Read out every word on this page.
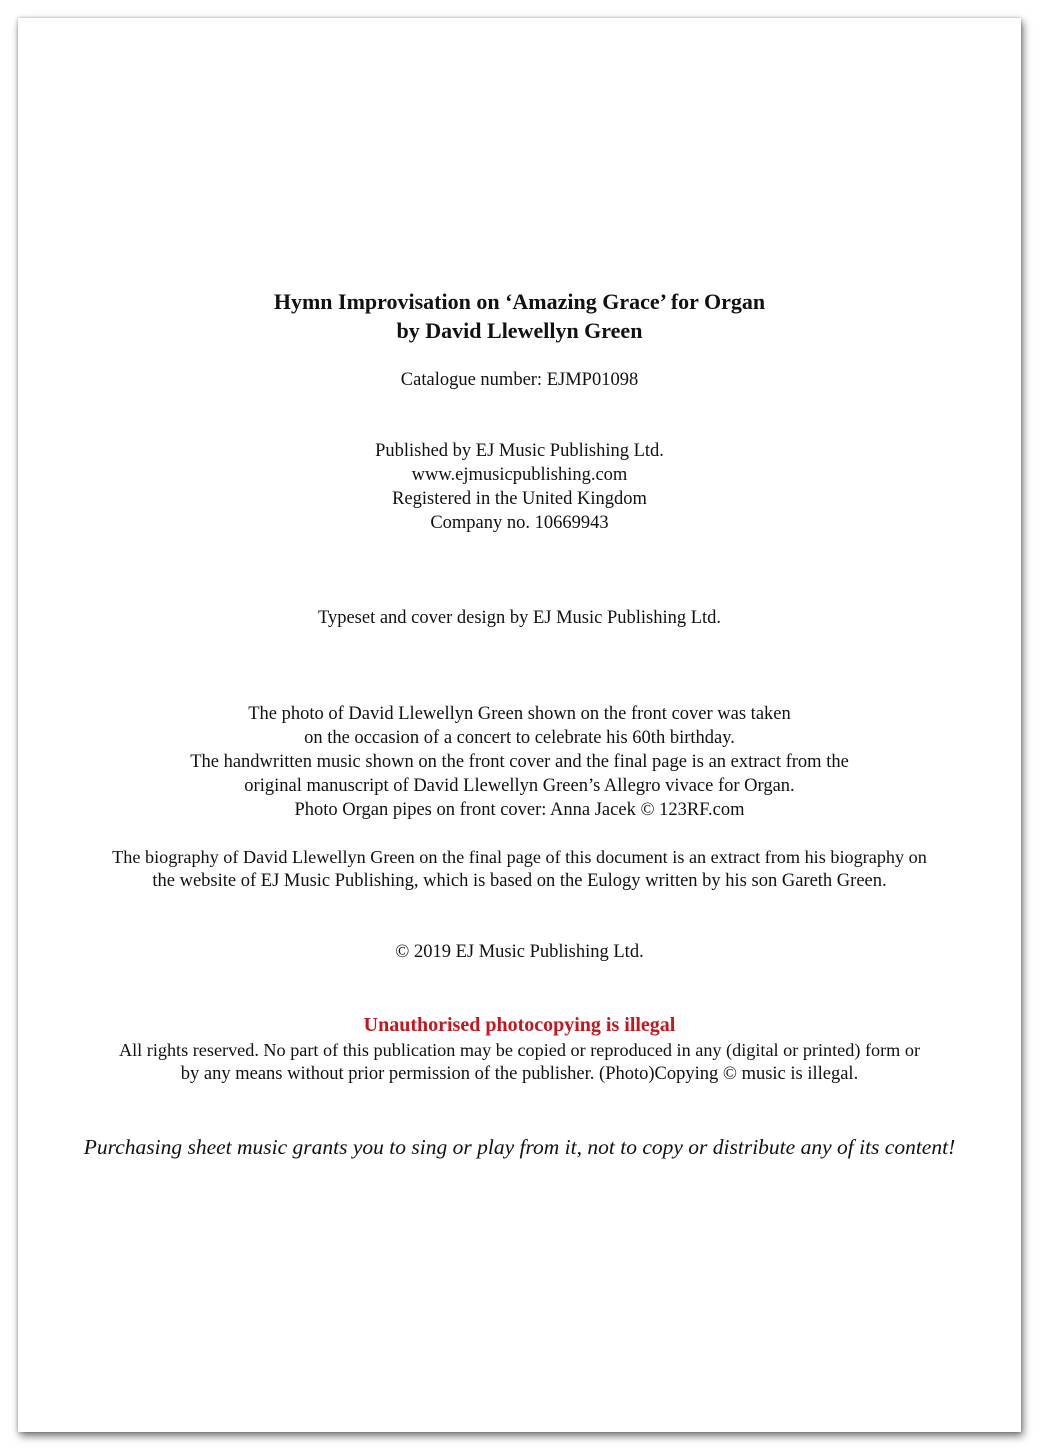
Hymn Improvisation on ‘Amazing Grace’ for Organ
by David Llewellyn Green
Catalogue number: EJMP01098
Published by EJ Music Publishing Ltd.
www.ejmusicpublishing.com
Registered in the United Kingdom
Company no. 10669943
Typeset and cover design by EJ Music Publishing Ltd.
The photo of David Llewellyn Green shown on the front cover was taken
on the occasion of a concert to celebrate his 60th birthday.
The handwritten music shown on the front cover and the final page is an extract from the
original manuscript of David Llewellyn Green’s Allegro vivace for Organ.
Photo Organ pipes on front cover: Anna Jacek © 123RF.com
The biography of David Llewellyn Green on the final page of this document is an extract from his biography on
the website of EJ Music Publishing, which is based on the Eulogy written by his son Gareth Green.
© 2019 EJ Music Publishing Ltd.
Unauthorised photocopying is illegal
All rights reserved. No part of this publication may be copied or reproduced in any (digital or printed) form or
by any means without prior permission of the publisher. (Photo)Copying © music is illegal.
Purchasing sheet music grants you to sing or play from it, not to copy or distribute any of its content!
